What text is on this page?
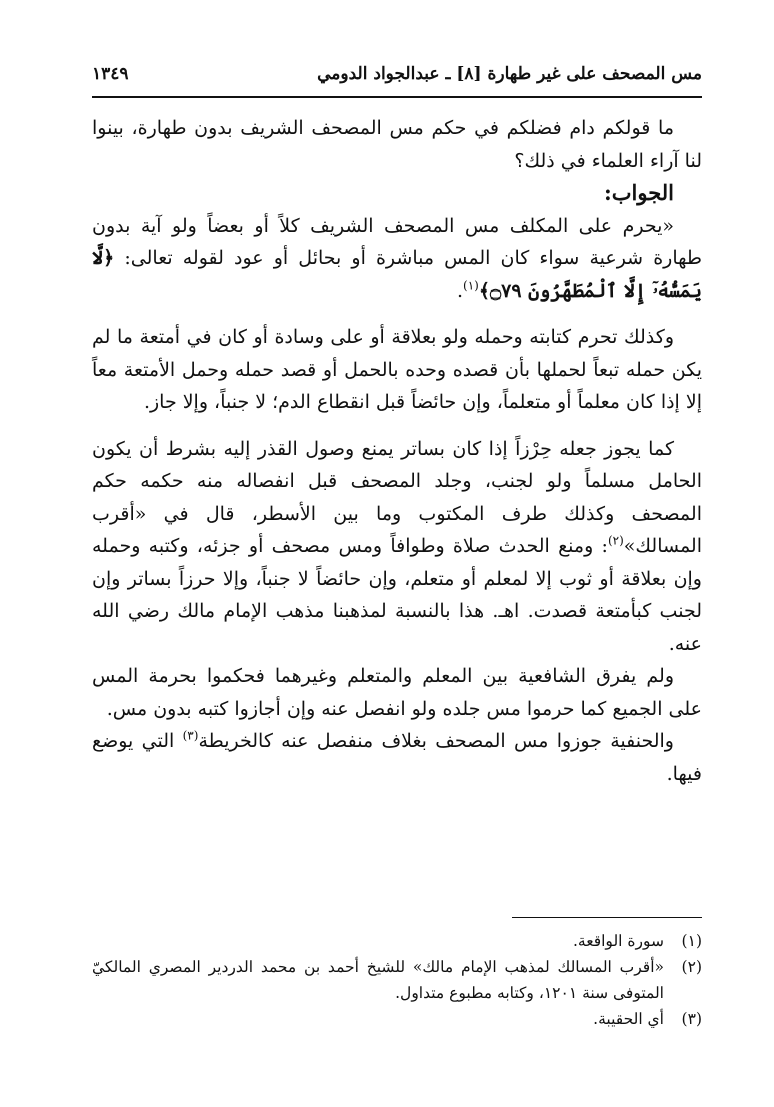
مس المصحف على غير طهارة [٨] ـ عبدالجواد الدومي
١٣٤٩

ما قولكم دام فضلكم في حكم مس المصحف الشريف بدون طهارة، بينوا لنا آراء العلماء في ذلك؟

الجواب:

«يحرم على المكلف مس المصحف الشريف كلاً أو بعضاً ولو آية بدون طهارة شرعية سواء كان المس مباشرة أو بحائل أو عود لقوله تعالى: ﴿لَّا يَمَسُّهُۥٓ إِلَّا ٱلْمُطَهَّرُونَ ۝٧٩﴾$^{(١)}$.

وكذلك تحرم كتابته وحمله ولو بعلاقة أو على وسادة أو كان في أمتعة ما لم يكن حمله تبعاً لحملها بأن قصده وحده بالحمل أو قصد حمله وحمل الأمتعة معاً إلا إذا كان معلماً أو متعلماً، وإن حائضاً قبل انقطاع الدم؛ لا جنباً، وإلا جاز.

كما يجوز جعله حِرْزاً إذا كان بساتر يمنع وصول القذر إليه بشرط أن يكون الحامل مسلماً ولو لجنب، وجلد المصحف قبل انفصاله منه حكمه حكم المصحف وكذلك طرف المكتوب وما بين الأسطر، قال في «أقرب المسالك»$^{(٢)}$: ومنع الحدث صلاة وطوافاً ومس مصحف أو جزئه، وكتبه وحمله وإن بعلاقة أو ثوب إلا لمعلم أو متعلم، وإن حائضاً لا جنباً، وإلا حرزاً بساتر وإن لجنب كبأمتعة قصدت. اهـ. هذا بالنسبة لمذهبنا مذهب الإمام مالك رضي الله عنه.

ولم يفرق الشافعية بين المعلم والمتعلم وغيرهما فحكموا بحرمة المس على الجميع كما حرموا مس جلده ولو انفصل عنه وإن أجازوا كتبه بدون مس.

والحنفية جوزوا مس المصحف بغلاف منفصل عنه كالخريطة$^{(٣)}$ التي يوضع فيها.

(١)
سورة الواقعة.
(٢)
«أقرب المسالك لمذهب الإمام مالك» للشيخ أحمد بن محمد الدردير المصري المالكيّ المتوفى سنة ١٢٠١، وكتابه مطبوع متداول.
(٣)
أي الحقيبة.
